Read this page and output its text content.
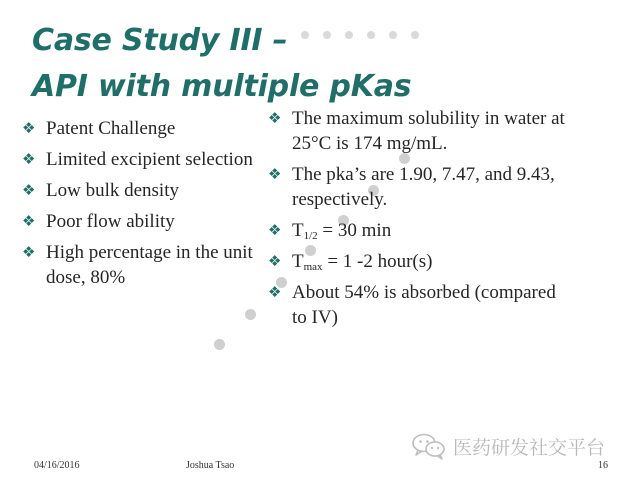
Case Study III –
API with multiple pKas
❖ Patent Challenge
❖ Limited excipient selection
❖ Low bulk density
❖ Poor flow ability
❖ High percentage in the unit dose, 80%
❖ The maximum solubility in water at 25°C is 174 mg/mL.
❖ The pka’s are 1.90, 7.47, and 9.43, respectively.
❖ $T_{1/2} = 30$ min
❖ $T_{max} = 1$ -2 hour(s)
❖ About 54% is absorbed (compared to IV)
医药研发社交平台
04/16/2016	Joshua Tsao	16
